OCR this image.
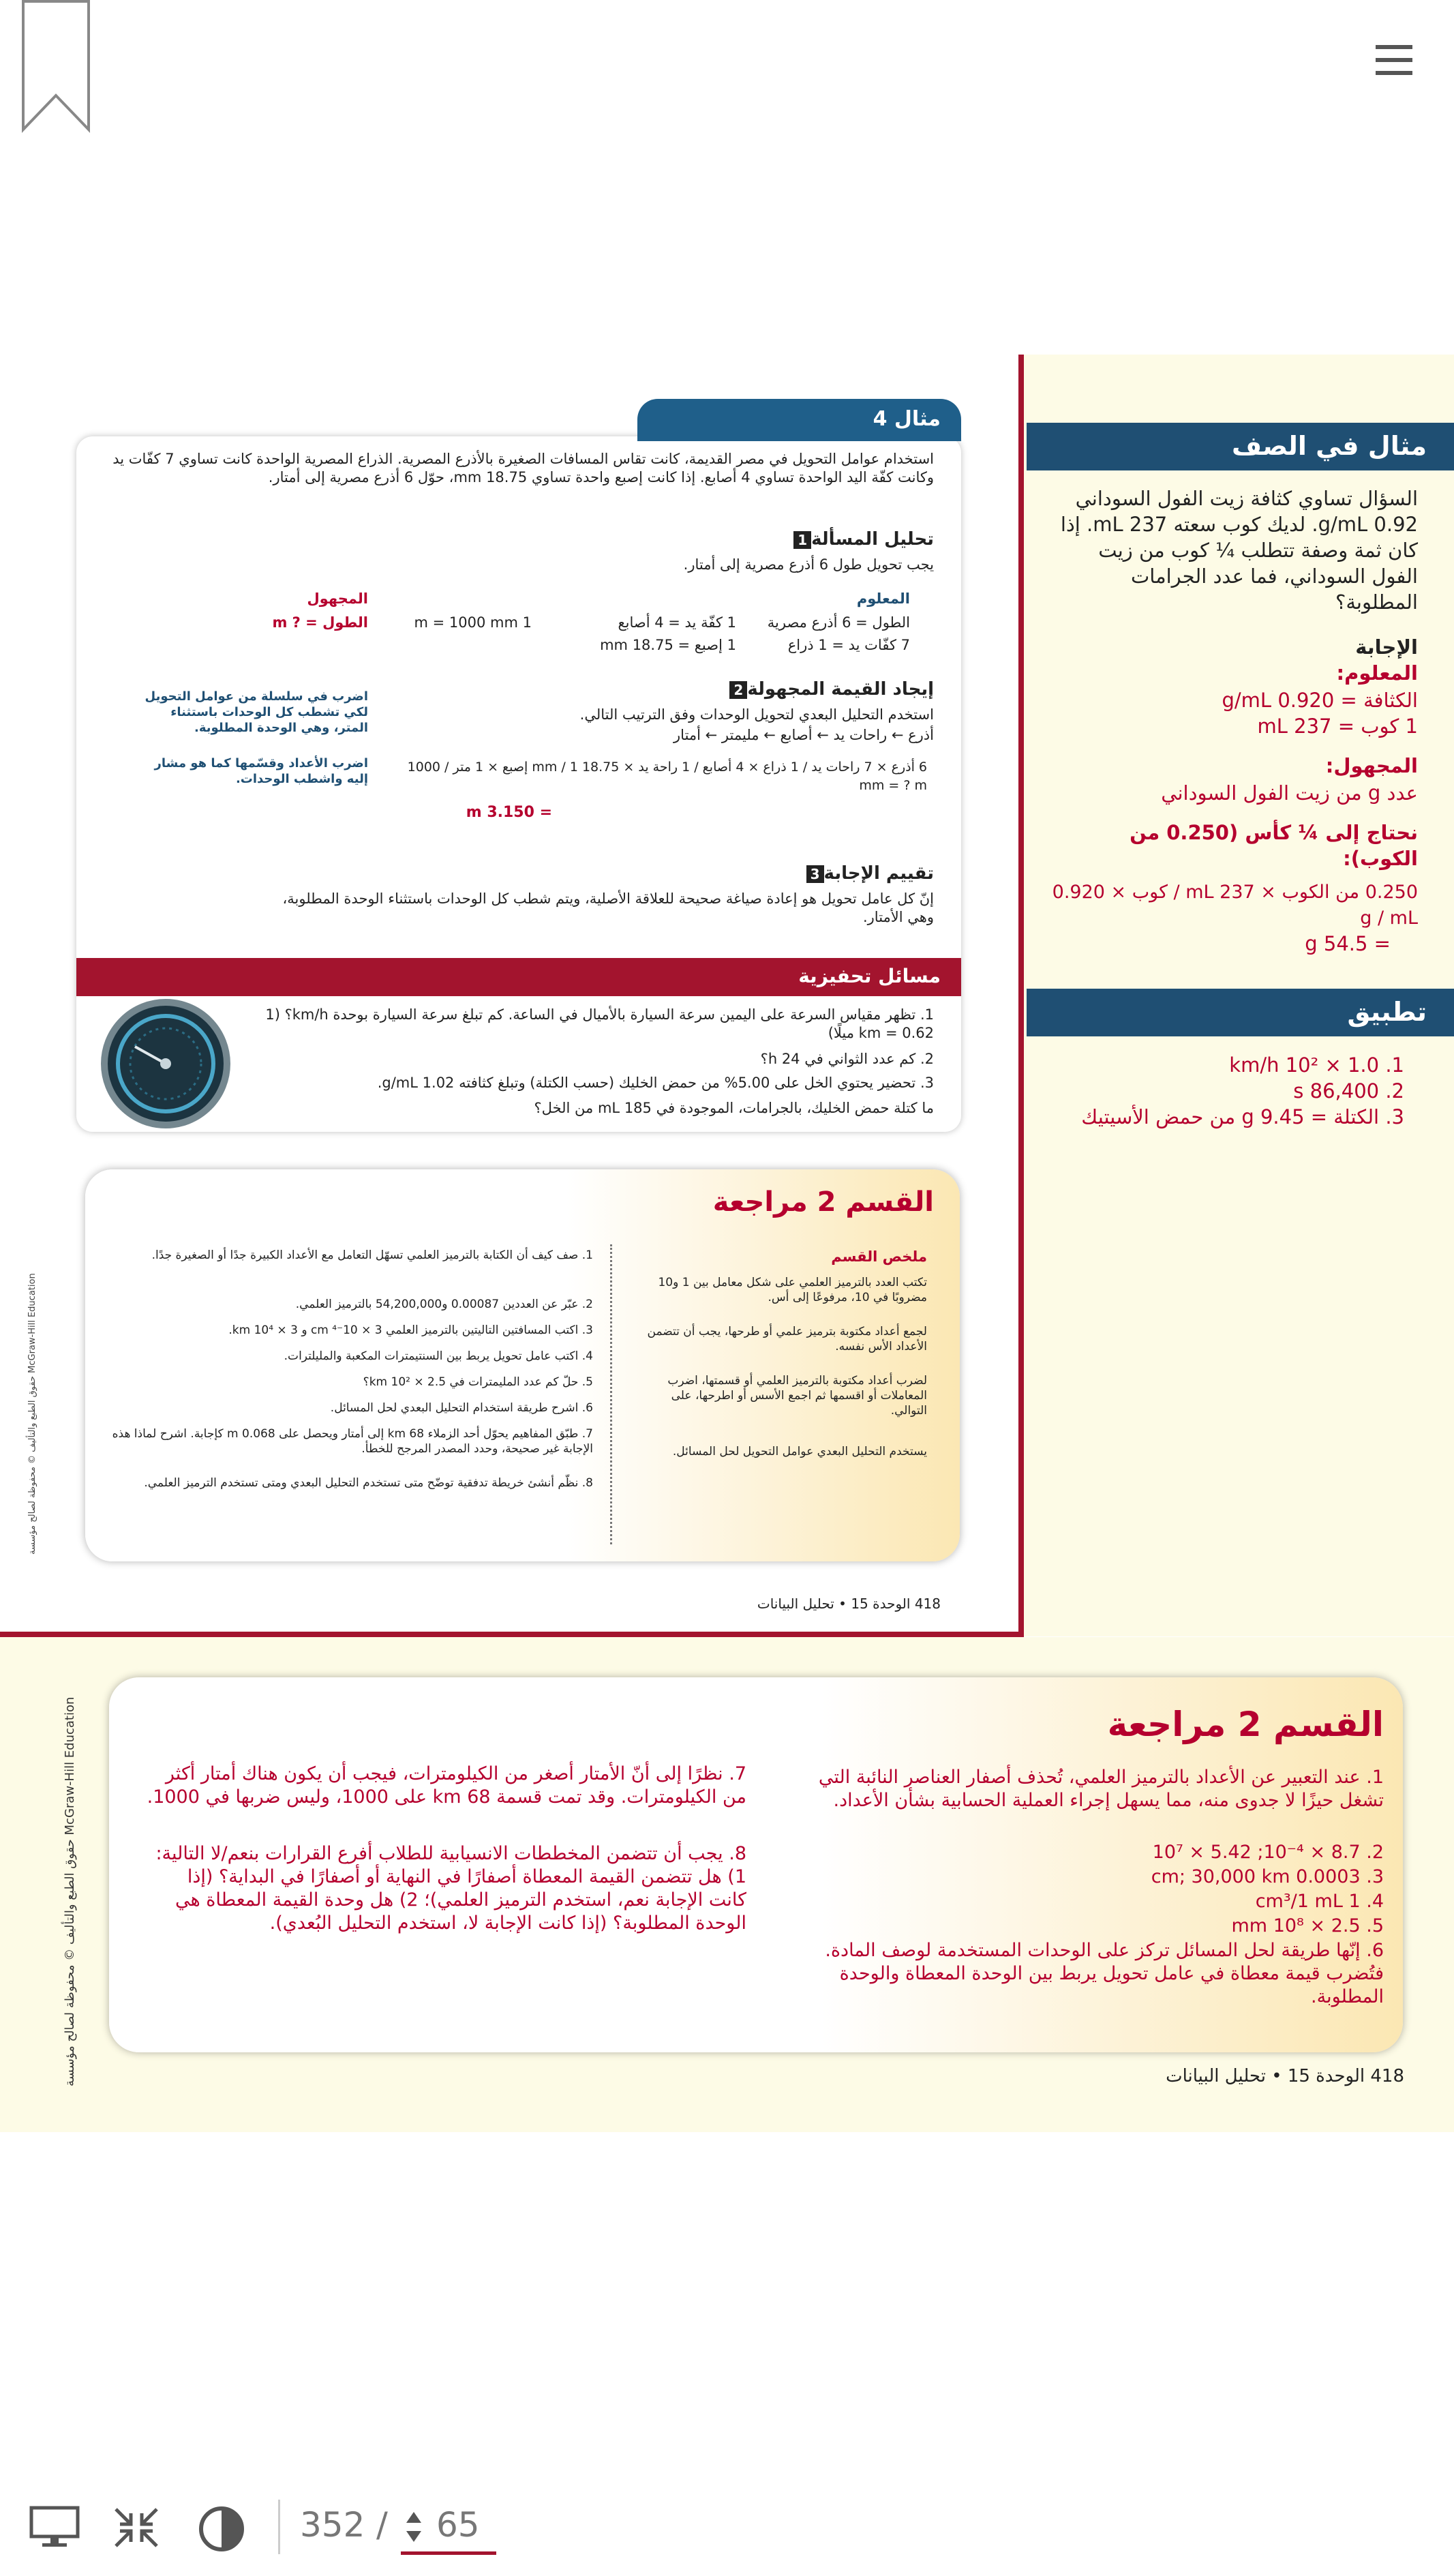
مثال في الصف
السؤال تساوي كثافة زيت الفول السوداني 0.92 g/mL. لديك كوب سعته 237 mL. إذا كان ثمة وصفة تتطلب ¼ كوب من زيت الفول السوداني، فما عدد الجرامات المطلوبة؟
الإجابة
المعلوم:
الكثافة = 0.920 g/mL
1 كوب = 237 mL
المجهول:
عدد g من زيت الفول السوداني
نحتاج إلى ¼ كأس (0.250 من الكوب):
0.250 من الكوب × 237 mL / كوب × 0.920 g / mL
= 54.5 g
تطبيق
1. 1.0 × 10² km/h
2. 86,400 s
3. الكتلة = 9.45 g من حمض الأسيتيك
مثال 4
استخدام عوامل التحويل في مصر القديمة، كانت تقاس المسافات الصغيرة بالأذرع المصرية. الذراع المصرية الواحدة كانت تساوي 7 كفّات يد وكانت كفّة اليد الواحدة تساوي 4 أصابع. إذا كانت إصبع واحدة تساوي 18.75 mm، حوّل 6 أذرع مصرية إلى أمتار.
تحليل المسألة1
يجب تحويل طول 6 أذرع مصرية إلى أمتار.
المعلوم
الطول = 6 أذرع مصرية
7 كفّات يد = 1 ذراع
1 كفّة يد = 4 أصابع
1 إصبع = 18.75 mm
1 m = 1000 mm
المجهول
الطول = ? m
إيجاد القيمة المجهولة2
استخدم التحليل البعدي لتحويل الوحدات وفق الترتيب التالي.
أذرع ← راحات يد ← أصابع ← مليمتر ← أمتار
اضرب في سلسلة من عوامل التحويل لكي تشطب كل الوحدات باستثناء المتر، وهي الوحدة المطلوبة.
اضرب الأعداد وقسّمها كما هو مشار إليه واشطب الوحدات.
6 أذرع × 7 راحات يد / 1 ذراع × 4 أصابع / 1 راحة يد × 18.75 mm / 1 إصبع × 1 متر / 1000 mm = ? m
= 3.150 m
تقييم الإجابة3
إنّ كل عامل تحويل هو إعادة صياغة صحيحة للعلاقة الأصلية، ويتم شطب كل الوحدات باستثناء الوحدة المطلوبة، وهي الأمتار.
مسائل تحفيزية
1. تظهر مقياس السرعة على اليمين سرعة السيارة بالأميال في الساعة. كم تبلغ سرعة السيارة بوحدة km/h؟ (1 km = 0.62 ميلًا)
2. كم عدد الثواني في 24 h؟
3. تحضير يحتوي الخل على 5.00% من حمض الخليك (حسب الكتلة) وتبلغ كثافته 1.02 g/mL.
ما كتلة حمض الخليك، بالجرامات، الموجودة في 185 mL من الخل؟
القسم 2 مراجعة
ملخص القسم
تكتب العدد بالترميز العلمي على شكل معامل بين 1 و10 مضروبًا في 10، مرفوعًا إلى أس.
لجمع أعداد مكتوبة بترميز علمي أو طرحها، يجب أن تتضمن الأعداد الأس نفسه.
لضرب أعداد مكتوبة بالترميز العلمي أو قسمتها، اضرب المعاملات أو اقسمها ثم اجمع الأسس أو اطرحها، على التوالي.
يستخدم التحليل البعدي عوامل التحويل لحل المسائل.
1. صف كيف أن الكتابة بالترميز العلمي تسهّل التعامل مع الأعداد الكبيرة جدًا أو الصغيرة جدًا.
2. عبّر عن العددين 0.00087 و54,200,000 بالترميز العلمي.
3. اكتب المسافتين التاليتين بالترميز العلمي 3 × 10⁻⁴ cm و 3 × 10⁴ km.
4. اكتب عامل تحويل يربط بين السنتيمترات المكعبة والمليلترات.
5. حلّ كم عدد المليمترات في 2.5 × 10² km؟
6. اشرح طريقة استخدام التحليل البعدي لحل المسائل.
7. طبّق المفاهيم يحوّل أحد الزملاء 68 km إلى أمتار ويحصل على 0.068 m كإجابة. اشرح لماذا هذه الإجابة غير صحيحة، وحدد المصدر المرجح للخطأ.
8. نظّم أنشئ خريطة تدفقية توضّح متى تستخدم التحليل البعدي ومتى تستخدم الترميز العلمي.
418 الوحدة 15 • تحليل البيانات
حقوق الطبع والتأليف © محفوظة لصالح مؤسسة McGraw-Hill Education
القسم 2 مراجعة
1. عند التعبير عن الأعداد بالترميز العلمي، تُحذف أصفار العناصر النائبة التي تشغل حيزًا لا جدوى منه، مما يسهل إجراء العملية الحسابية بشأن الأعداد.
2. 8.7 × 10⁻⁴; 5.42 × 10⁷
3. 0.0003 cm; 30,000 km
4. 1 cm³/1 mL
5. 2.5 × 10⁸ mm
6. إنّها طريقة لحل المسائل تركز على الوحدات المستخدمة لوصف المادة. فتُضرب قيمة معطاة في عامل تحويل يربط بين الوحدة المعطاة والوحدة المطلوبة.
7. نظرًا إلى أنّ الأمتار أصغر من الكيلومترات، فيجب أن يكون هناك أمتار أكثر من الكيلومترات. وقد تمت قسمة 68 km على 1000، وليس ضربها في 1000.
8. يجب أن تتضمن المخططات الانسيابية للطلاب أفرع القرارات بنعم/لا التالية: 1) هل تتضمن القيمة المعطاة أصفارًا في النهاية أو أصفارًا في البداية؟ (إذا كانت الإجابة نعم، استخدم الترميز العلمي)؛ 2) هل وحدة القيمة المعطاة هي الوحدة المطلوبة؟ (إذا كانت الإجابة لا، استخدم التحليل البُعدي).
418 الوحدة 15 • تحليل البيانات
حقوق الطبع والتأليف © محفوظة لصالح مؤسسة McGraw-Hill Education
352 / 65
